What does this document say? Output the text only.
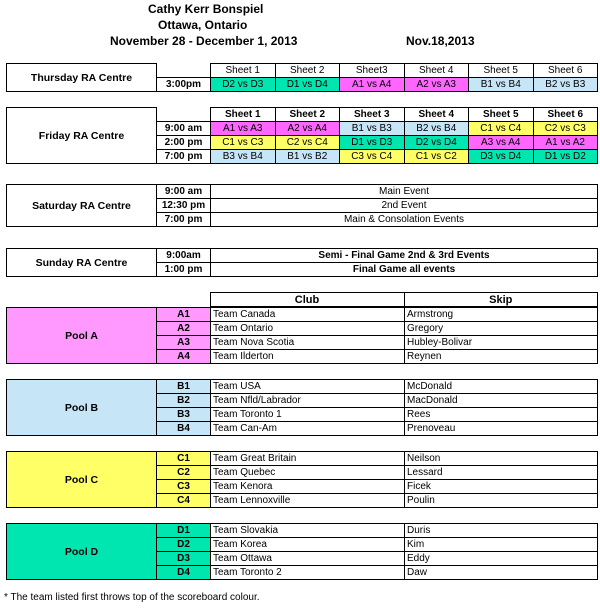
Cathy Kerr Bonspiel
Ottawa, Ontario
November 28 - December 1, 2013	Nov.18,2013
Thursday RA Centre		Sheet 1	Sheet 2	Sheet3	Sheet 4	Sheet 5	Sheet 6
	3:00pm	D2 vs D3	D1 vs D4	A1 vs A4	A2 vs A3	B1 vs B4	B2 vs B3
Friday RA Centre		Sheet 1	Sheet 2	Sheet 3	Sheet 4	Sheet 5	Sheet 6
	9:00 am	A1 vs A3	A2 vs A4	B1 vs B3	B2 vs B4	C1 vs C4	C2 vs C3
	2:00 pm	C1 vs C3	C2 vs C4	D1 vs D3	D2 vs D4	A3 vs A4	A1 vs A2
	7:00 pm	B3 vs B4	B1 vs B2	C3 vs C4	C1 vs C2	D3 vs D4	D1 vs D2
Saturday RA Centre	9:00 am	Main Event
	12:30 pm	2nd Event
	7:00 pm	Main & Consolation Events
Sunday RA Centre	9:00am	Semi - Final Game 2nd & 3rd Events
	1:00 pm	Final Game all events
		Club	Skip
Pool A	A1	Team Canada	Armstrong
	A2	Team Ontario	Gregory
	A3	Team Nova Scotia	Hubley-Bolivar
	A4	Team Ilderton	Reynen
Pool B	B1	Team USA	McDonald
	B2	Team Nfld/Labrador	MacDonald
	B3	Team Toronto 1	Rees
	B4	Team Can-Am	Prenoveau
Pool C	C1	Team Great Britain	Neilson
	C2	Team Quebec	Lessard
	C3	Team Kenora	Ficek
	C4	Team Lennoxville	Poulin
Pool D	D1	Team Slovakia	Duris
	D2	Team Korea	Kim
	D3	Team Ottawa	Eddy
	D4	Team Toronto 2	Daw
* The team listed first throws top of the scoreboard colour.
